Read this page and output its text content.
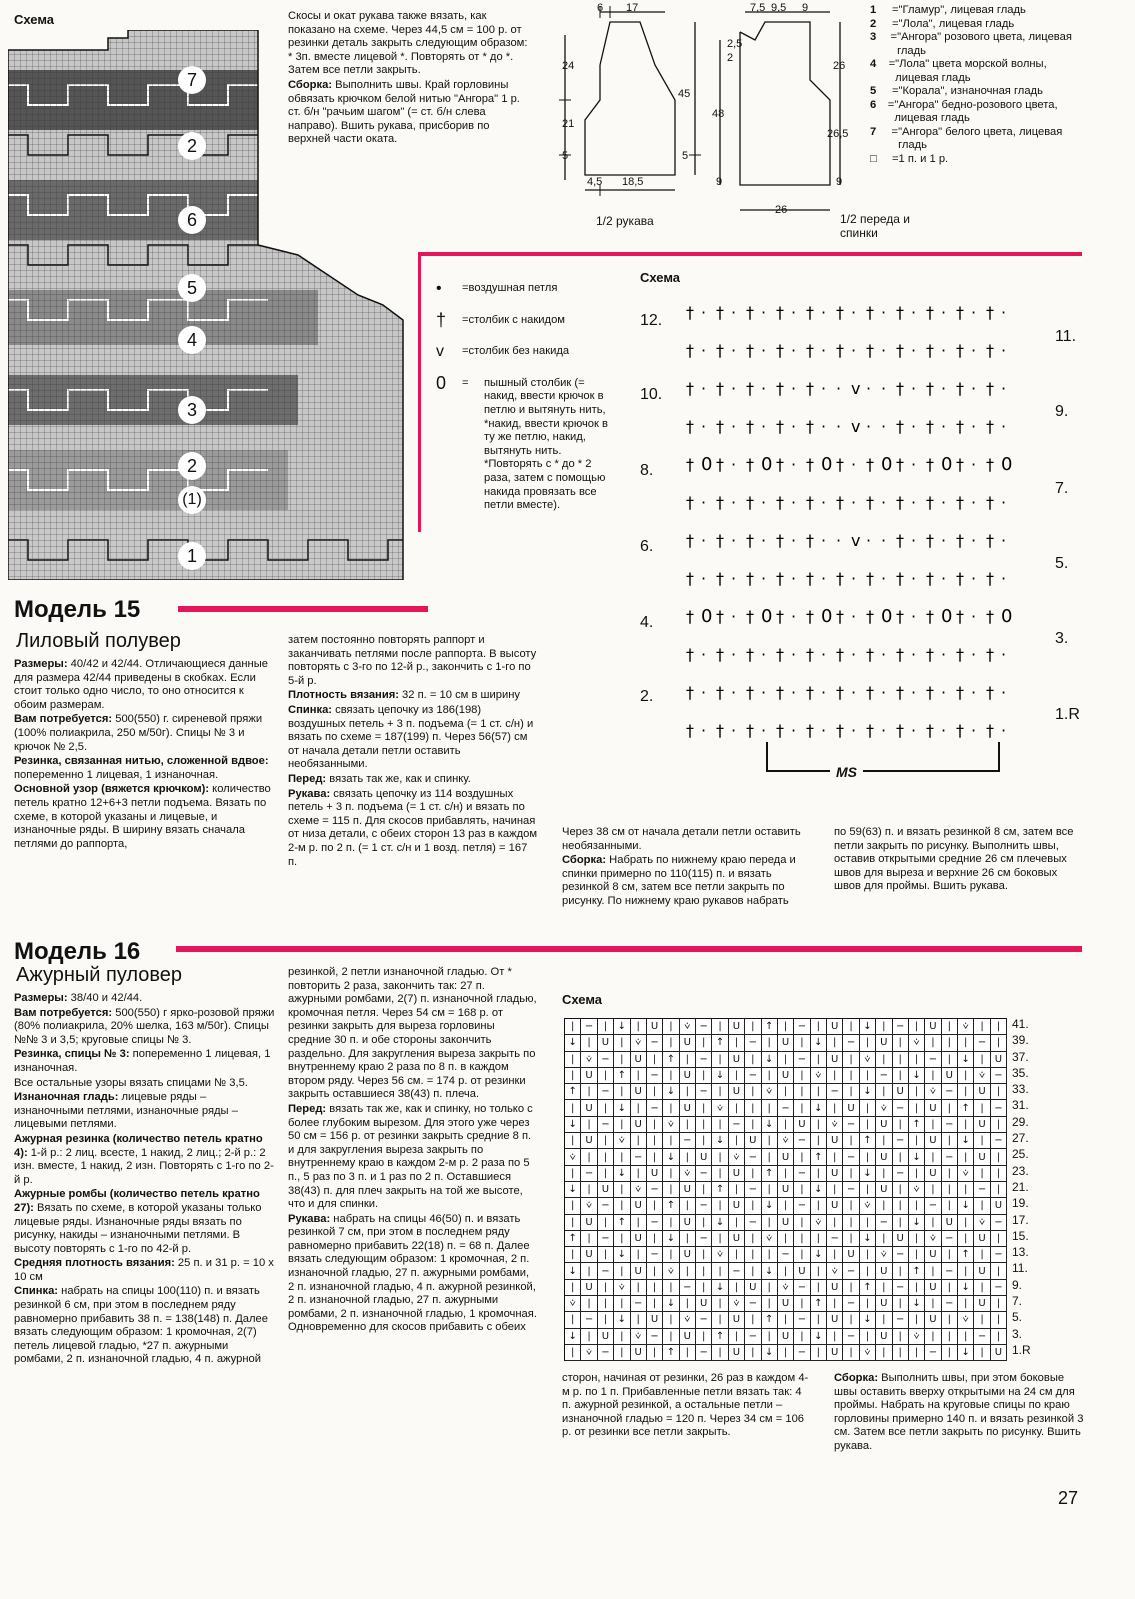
Схема
7
2
6
5
4
3
2
(1)
1

Скосы и окат рукава также вязать, как показано на схеме. Через 44,5 см = 100 р. от резинки деталь закрыть следующим образом: * 3п. вместе лицевой *. Повторять от * до *. Затем все петли закрыть.

Сборка: Выполнить швы. Край горловины обвязать крючком белой нитью "Ангора" 1 р. ст. б/н "рачьим шагом" (= ст. б/н слева направо). Вшить рукава, присборив по верхней части оката.

6 17
24
21
5
45
5
4,5 18,5
1/2 рукава
7,5 9,5 9
2,5
2
48
26
26,5
9	9
26
1/2 переда и спинки
1	= "Гламур", лицевая гладь
2	= "Лола", лицевая гладь
3	= "Ангора" розового цвета, лицевая гладь
4	= "Лола" цвета морской волны, лицевая гладь
5	= "Корала", изнаночная гладь
6	= "Ангора" бедно-розового цвета, лицевая гладь
7	= "Ангора" белого цвета, лицевая гладь
□	= 1 п. и 1 р.
•	= воздушная петля
†	= столбик с накидом
v	= столбик без накида
0	=	пышный столбик (= накид, ввести крючок в петлю и вытянуть нить, *накид, ввести крючок в ту же петлю, накид, вытянуть нить. *Повторять с * до * 2 раза, затем с помощью накида провязать все петли вместе).
Схема
† · † · † · † · † · † · † · † · † · † · † ·
† · † · † · † · † · † · † · † · † · † · † ·
† · † · † · † · † · · v · · † · † · † · † ·
† · † · † · † · † · · v · · † · † · † · † ·
† 0 † · † 0 † · † 0 † · † 0 † · † 0 † · † 0
† · † · † · † · † · † · † · † · † · † · † ·
† · † · † · † · † · · v · · † · † · † · † ·
† · † · † · † · † · † · † · † · † · † · † ·
† 0 † · † 0 † · † 0 † · † 0 † · † 0 † · † 0
† · † · † · † · † · † · † · † · † · † · † ·
† · † · † · † · † · † · † · † · † · † · † ·
† · † · † · † · † · † · † · † · † · † · † ·
12.
10.
8.
6.
4.
2.
11.
9.
7.
5.
3.
1.R
MS
Модель 15
Лиловый полувер

Размеры: 40/42 и 42/44. Отличающиеся данные для размера 42/44 приведены в скобках. Если стоит только одно число, то оно относится к обоим размерам.

Вам потребуется: 500(550) г. сиреневой пряжи (100% полиакрила, 250 м/50г). Спицы № 3 и крючок № 2,5.

Резинка, связанная нитью, сложенной вдвое: попеременно 1 лицевая, 1 изнаночная.

Основной узор (вяжется крючком): количество петель кратно 12+6+3 петли подъема. Вязать по схеме, в которой указаны и лицевые, и изнаночные ряды. В ширину вязать сначала петлями до раппорта,

затем постоянно повторять раппорт и заканчивать петлями после раппорта. В высоту повторять с 3-го по 12-й р., закончить с 1-го по 5-й р.

Плотность вязания: 32 п. = 10 см в ширину

Спинка: связать цепочку из 186(198) воздушных петель + 3 п. подъема (= 1 ст. с/н) и вязать по схеме = 187(199) п. Через 56(57) см от начала детали петли оставить необязанными.

Перед: вязать так же, как и спинку.

Рукава: связать цепочку из 114 воздушных петель + 3 п. подъема (= 1 ст. с/н) и вязать по схеме = 115 п. Для скосов прибавлять, начиная от низа детали, с обеих сторон 13 раз в каждом 2-м р. по 2 п. (= 1 ст. с/н и 1 возд. петля) = 167 п.

Через 38 см от начала детали петли оставить необязанными.

Сборка: Набрать по нижнему краю переда и спинки примерно по 110(115) п. и вязать резинкой 8 см, затем все петли закрыть по рисунку. По нижнему краю рукавов набрать

по 59(63) п. и вязать резинкой 8 см, затем все петли закрыть по рисунку. Выполнить швы, оставив открытыми средние 26 см плечевых швов для выреза и верхние 26 см боковых швов для проймы. Вшить рукава.

Модель 16
Ажурный пуловер

Размеры: 38/40 и 42/44.

Вам потребуется: 500(550) г ярко-розовой пряжи (80% полиакрила, 20% шелка, 163 м/50г). Спицы №№ 3 и 3,5; круговые спицы № 3.

Резинка, спицы № 3: попеременно 1 лицевая, 1 изнаночная.

Все остальные узоры вязать спицами № 3,5.

Изнаночная гладь: лицевые ряды – изнаночными петлями, изнаночные ряды – лицевыми петлями.

Ажурная резинка (количество петель кратно 4): 1-й р.: 2 лиц. всесте, 1 накид, 2 лиц.; 2-й р.: 2 изн. вместе, 1 накид, 2 изн. Повторять с 1-го по 2-й р.

Ажурные ромбы (количество петель кратно 27): Вязать по схеме, в которой указаны только лицевые ряды. Изнаночные ряды вязать по рисунку, накиды – изнаночными петлями. В высоту повторять с 1-го по 42-й р.

Средняя плотность вязания: 25 п. и 31 р. = 10 х 10 см

Спинка: набрать на спицы 100(110) п. и вязать резинкой 6 см, при этом в последнем ряду равномерно прибавить 38 п. = 138(148) п. Далее вязать следующим образом: 1 кромочная, 2(7) петель лицевой гладью, *27 п. ажурными ромбами, 2 п. изнаночной гладью, 4 п. ажурной

резинкой, 2 петли изнаночной гладью. От * повторить 2 раза, закончить так: 27 п. ажурными ромбами, 2(7) п. изнаночной гладью, кромочная петля. Через 54 см = 168 р. от резинки закрыть для выреза горловины средние 30 п. и обе стороны закончить раздельно. Для закругления выреза закрыть по внутреннему краю 2 раза по 8 п. в каждом втором ряду. Через 56 см. = 174 р. от резинки закрыть оставшиеся 38(43) п. плеча.

Перед: вязать так же, как и спинку, но только с более глубоким вырезом. Для этого уже через 50 см = 156 р. от резинки закрыть средние 8 п. и для закругления выреза закрыть по внутреннему краю в каждом 2-м р. 2 раза по 5 п., 5 раз по 3 п. и 1 раз по 2 п. Оставшиеся 38(43) п. для плеч закрыть на той же высоте, что и для спинки.

Рукава: набрать на спицы 46(50) п. и вязать резинкой 7 см, при этом в последнем ряду равномерно прибавить 22(18) п. = 68 п. Далее вязать следующим образом: 1 кромочная, 2 п. изнаночной гладью, 27 п. ажурными ромбами, 2 п. изнаночной гладью, 4 п. ажурной резинкой, 2 п. изнаночной гладью, 27 п. ажурными ромбами, 2 п. изнаночной гладью, 1 кромочная. Одновременно для скосов прибавить с обеих

Схема
|	−	|	↓	|	U	|	⩒ −	|	U	|	↑	|	−	|	U	|	↓	|	−	|	U	|	⩒	|	|
↓	|	U	|	⩒ −	|	U	|	↑	|	−	|	U	|	↓	|	−	|	U	|	⩒	|	|	|	−	|
|	⩒ −	|	U	|	↑	|	−	|	U	|	↓	|	−	|	U	|	⩒	|	|	|	−	|	↓	|	U
|	U	|	↑	|	−	|	U	|	↓	|	−	|	U	|	⩒	|	|	|	−	|	↓	|	U	|	⩒ −
↑	|	−	|	U	|	↓	|	−	|	U	|	⩒	|	|	|	−	|	↓	|	U	|	⩒ −	|	U	|
|	U	|	↓	|	−	|	U	|	⩒	|	|	|	−	|	↓	|	U	|	⩒ −	|	U	|	↑	|	−
↓	|	−	|	U	|	⩒	|	|	|	−	|	↓	|	U	|	⩒ −	|	U	|	↑	|	−	|	U	|
|	U	|	⩒	|	|	|	−	|	↓	|	U	|	⩒ −	|	U	|	↑	|	−	|	U	|	↓	|	−
⩒	|	|	|	−	|	↓	|	U	|	⩒ −	|	U	|	↑	|	−	|	U	|	↓	|	−	|	U	|
|	−	|	↓	|	U	|	⩒ −	|	U	|	↑	|	−	|	U	|	↓	|	−	|	U	|	⩒	|	|
↓	|	U	|	⩒ −	|	U	|	↑	|	−	|	U	|	↓	|	−	|	U	|	⩒	|	|	|	−	|
|	⩒ −	|	U	|	↑	|	−	|	U	|	↓	|	−	|	U	|	⩒	|	|	|	−	|	↓	|	U
|	U	|	↑	|	−	|	U	|	↓	|	−	|	U	|	⩒	|	|	|	−	|	↓	|	U	|	⩒ −
↑	|	−	|	U	|	↓	|	−	|	U	|	⩒	|	|	|	−	|	↓	|	U	|	⩒ −	|	U	|
|	U	|	↓	|	−	|	U	|	⩒	|	|	|	−	|	↓	|	U	|	⩒ −	|	U	|	↑	|	−
↓	|	−	|	U	|	⩒	|	|	|	−	|	↓	|	U	|	⩒ −	|	U	|	↑	|	−	|	U	|
|	U	|	⩒	|	|	|	−	|	↓	|	U	|	⩒ −	|	U	|	↑	|	−	|	U	|	↓	|	−
⩒	|	|	|	−	|	↓	|	U	|	⩒ −	|	U	|	↑	|	−	|	U	|	↓	|	−	|	U	|
|	−	|	↓	|	U	|	⩒ −	|	U	|	↑	|	−	|	U	|	↓	|	−	|	U	|	⩒	|	|
↓	|	U	|	⩒ −	|	U	|	↑	|	−	|	U	|	↓	|	−	|	U	|	⩒	|	|	|	−	|
|	⩒ −	|	U	|	↑	|	−	|	U	|	↓	|	−	|	U	|	⩒	|	|	|	−	|	↓	|	U
41.
39.
37.
35.
33.
31.
29.
27.
25.
23.
21.
19.
17.
15.
13.
11.
9.
7.
5.
3.
1.R

сторон, начиная от резинки, 26 раз в каждом 4-м р. по 1 п. Прибавленные петли вязать так: 4 п. ажурной резинкой, а остальные петли – изнаночной гладью = 120 п. Через 34 см = 106 р. от резинки все петли закрыть.

Сборка: Выполнить швы, при этом боковые швы оставить вверху открытыми на 24 см для проймы. Набрать на круговые спицы по краю горловины примерно 140 п. и вязать резинкой 3 см. Затем все петли закрыть по рисунку. Вшить рукава.

27
